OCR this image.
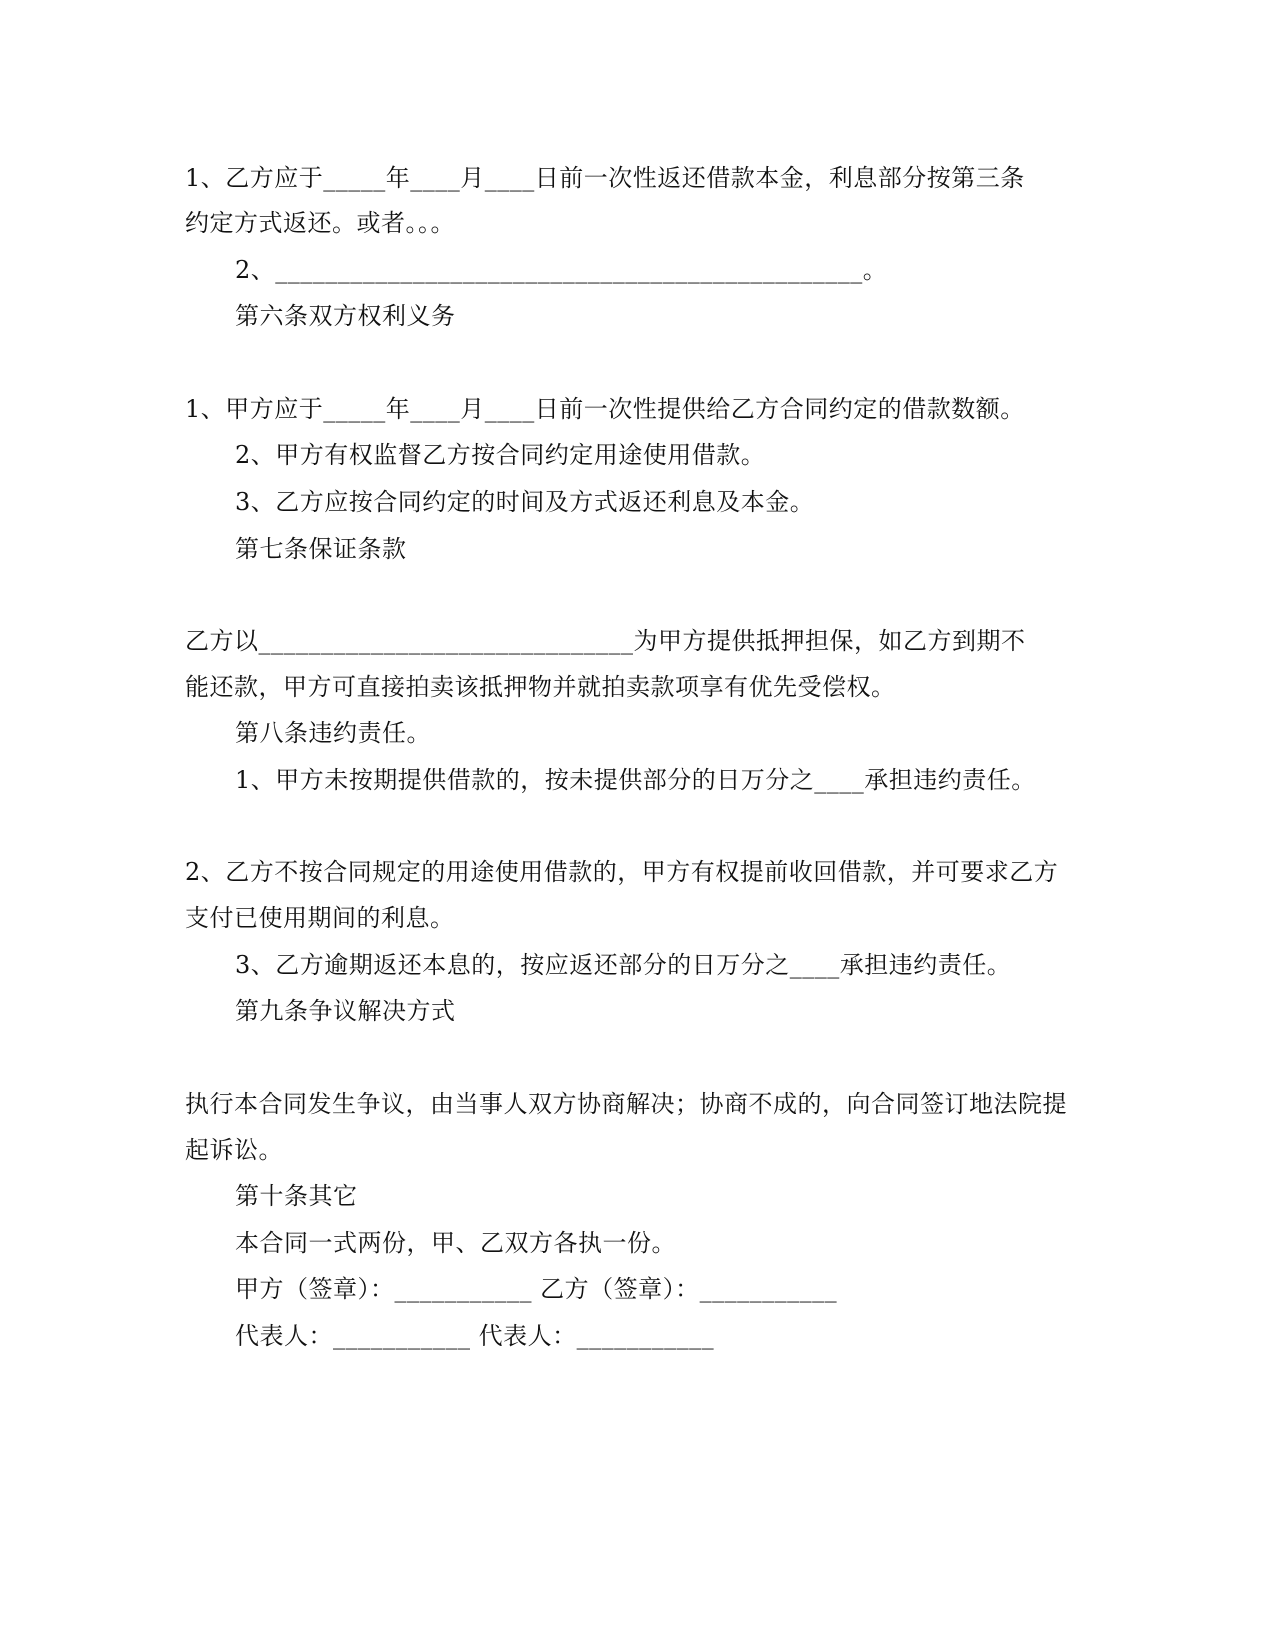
1、乙方应于_____年____月____日前一次性返还借款本金，利息部分按第三条
约定方式返还。或者。。。
2、_______________________________________________。
第六条双方权利义务
1、甲方应于_____年____月____日前一次性提供给乙方合同约定的借款数额。
2、甲方有权监督乙方按合同约定用途使用借款。
3、乙方应按合同约定的时间及方式返还利息及本金。
第七条保证条款
乙方以______________________________为甲方提供抵押担保，如乙方到期不
能还款，甲方可直接拍卖该抵押物并就拍卖款项享有优先受偿权。
第八条违约责任。
1、甲方未按期提供借款的，按未提供部分的日万分之____承担违约责任。
2、乙方不按合同规定的用途使用借款的，甲方有权提前收回借款，并可要求乙方
支付已使用期间的利息。
3、乙方逾期返还本息的，按应返还部分的日万分之____承担违约责任。
第九条争议解决方式
执行本合同发生争议，由当事人双方协商解决；协商不成的，向合同签订地法院提
起诉讼。
第十条其它
本合同一式两份，甲、乙双方各执一份。
甲方（签章）：___________ 乙方（签章）：___________
代表人：___________ 代表人：___________
